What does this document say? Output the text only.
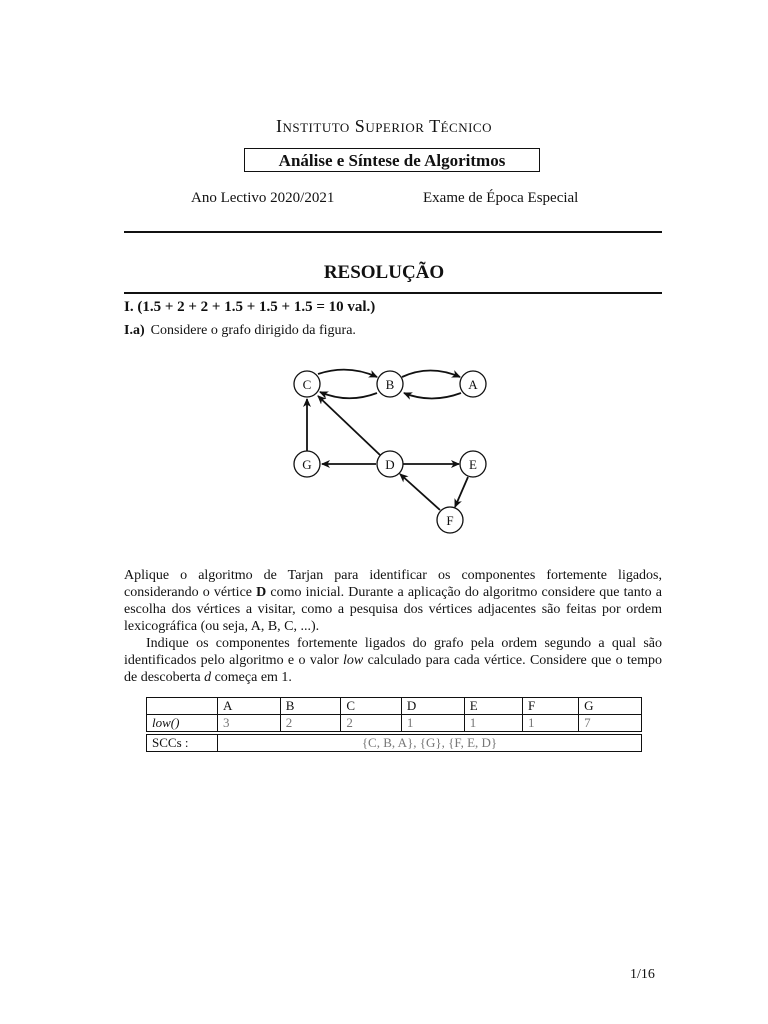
Instituto Superior Técnico
Análise e Síntese de Algoritmos
Ano Lectivo 2020/2021	Exame de Época Especial
RESOLUÇÃO
I. (1.5 + 2 + 2 + 1.5 + 1.5 + 1.5 = 10 val.)
I.a) Considere o grafo dirigido da figura.
C	B	A
G	D	E
F

Aplique o algoritmo de Tarjan para identificar os componentes fortemente ligados, considerando o vértice D como inicial. Durante a aplicação do algoritmo considere que tanto a escolha dos vértices a visitar, como a pesquisa dos vértices adjacentes são feitas por ordem lexicográfica (ou seja, A, B, C, ...).

Indique os componentes fortemente ligados do grafo pela ordem segundo a qual são identificados pelo algoritmo e o valor low calculado para cada vértice. Considere que o tempo de descoberta d começa em 1.

	A	B	C	D	E	F	G
low()	3	2	2	1	1	1	7
SCCs :	{C, B, A}, {G}, {F, E, D}
1/16
